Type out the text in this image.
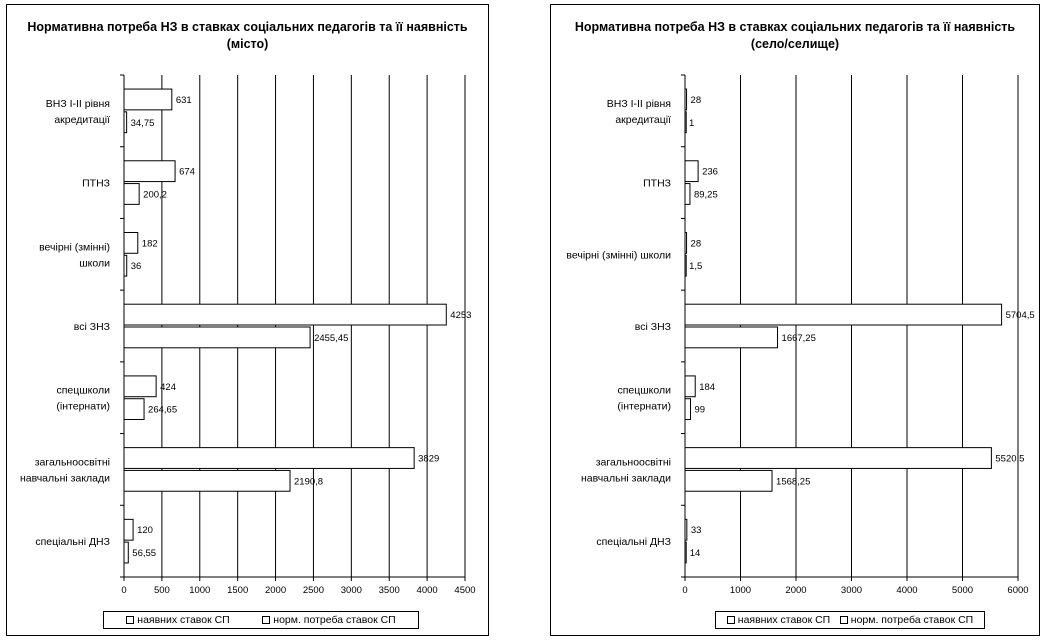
Нормативна потреба НЗ в ставках соціальних педагогів та її наявність (місто)
0	500 1000 1500 2000 2500 3000 3500 4000 4500
ВНЗ І-ІІ рівня
акредитації
631
34,75
ПТНЗ
674
200,2
вечірні (змінні)
школи
182
36
всі ЗНЗ
4253
2455,45
спецшколи
(інтернати)
424
264,65
загальноосвітні
навчальні заклади
3829
2190,8
спеціальні ДНЗ
120
56,55
наявних ставок СП	норм. потреба ставок СП
Нормативна потреба НЗ в ставках соціальних педагогів та її наявність (село/селище)
0	1000	2000	3000	4000	5000	6000
ВНЗ І-ІІ рівня
акредитації
28
1
ПТНЗ
236
89,25
вечірні (змінні) школи
28
1,5
всі ЗНЗ
5704,5
1667,25
спецшколи
(інтернати)
184
99
загальноосвітні
навчальні заклади
5520,5
1568,25
спеціальні ДНЗ
33
14
наявних ставок СП норм. потреба ставок СП
